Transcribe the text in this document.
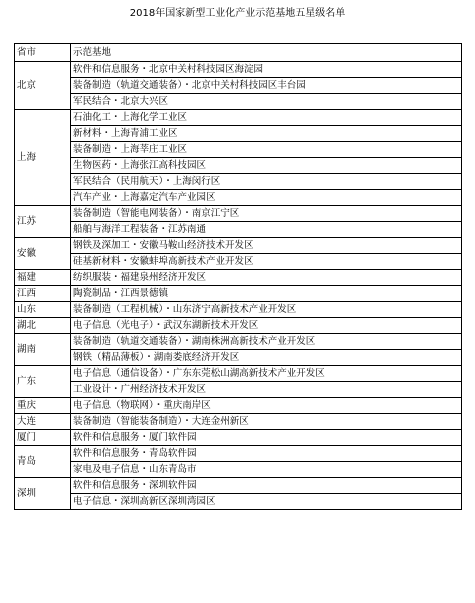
2018年国家新型工业化产业示范基地五星级名单
省市	示范基地
北京	软件和信息服务・北京中关村科技园区海淀园
	装备制造（轨道交通装备）・北京中关村科技园区丰台园
	军民结合・北京大兴区
上海	石油化工・上海化学工业区
	新材料・上海青浦工业区
	装备制造・上海莘庄工业区
	生物医药・上海张江高科技园区
	军民结合（民用航天）・上海闵行区
	汽车产业・上海嘉定汽车产业园区
江苏	装备制造（智能电网装备）・南京江宁区
	船舶与海洋工程装备・江苏南通
安徽	钢铁及深加工・安徽马鞍山经济技术开发区
	硅基新材料・安徽蚌埠高新技术产业开发区
福建	纺织服装・福建泉州经济开发区
江西	陶瓷制品・江西景德镇
山东	装备制造（工程机械）・山东济宁高新技术产业开发区
湖北	电子信息（光电子）・武汉东湖新技术开发区
湖南	装备制造（轨道交通装备）・湖南株洲高新技术产业开发区
	钢铁（精品薄板）・湖南娄底经济开发区
广东	电子信息（通信设备）・广东东莞松山湖高新技术产业开发区
	工业设计・广州经济技术开发区
重庆	电子信息（物联网）・重庆南岸区
大连	装备制造（智能装备制造）・大连金州新区
厦门	软件和信息服务・厦门软件园
青岛	软件和信息服务・青岛软件园
	家电及电子信息・山东青岛市
深圳	软件和信息服务・深圳软件园
	电子信息・深圳高新区深圳湾园区
